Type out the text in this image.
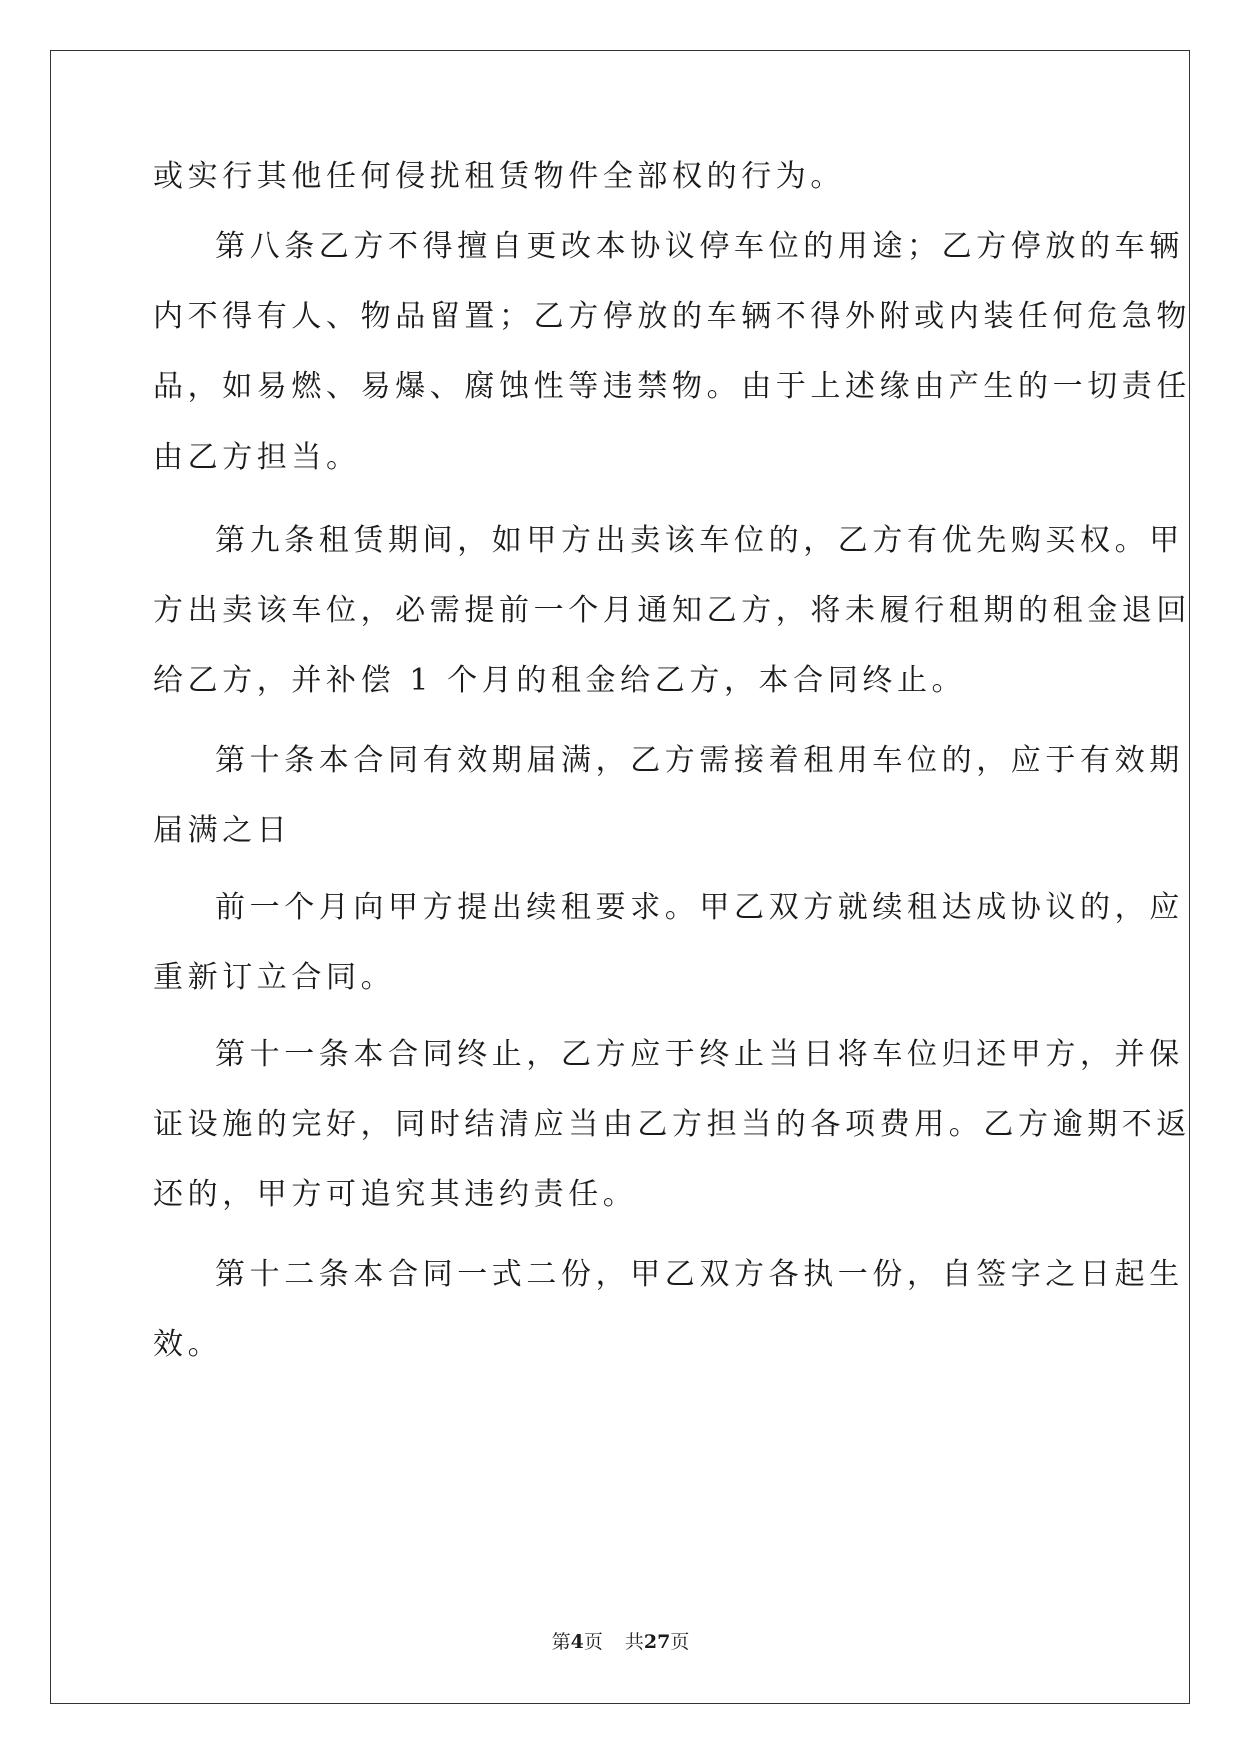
或实行其他任何侵扰租赁物件全部权的行为。
第八条乙方不得擅自更改本协议停车位的用途；乙方停放的车辆
内不得有人、物品留置；乙方停放的车辆不得外附或内装任何危急物
品，如易燃、易爆、腐蚀性等违禁物。由于上述缘由产生的一切责任
由乙方担当。
第九条租赁期间，如甲方出卖该车位的，乙方有优先购买权。甲
方出卖该车位，必需提前一个月通知乙方，将未履行租期的租金退回
给乙方，并补偿 1 个月的租金给乙方，本合同终止。
第十条本合同有效期届满，乙方需接着租用车位的，应于有效期
届满之日
前一个月向甲方提出续租要求。甲乙双方就续租达成协议的，应
重新订立合同。
第十一条本合同终止，乙方应于终止当日将车位归还甲方，并保
证设施的完好，同时结清应当由乙方担当的各项费用。乙方逾期不返
还的，甲方可追究其违约责任。
第十二条本合同一式二份，甲乙双方各执一份，自签字之日起生
效。
第4页 共27页
